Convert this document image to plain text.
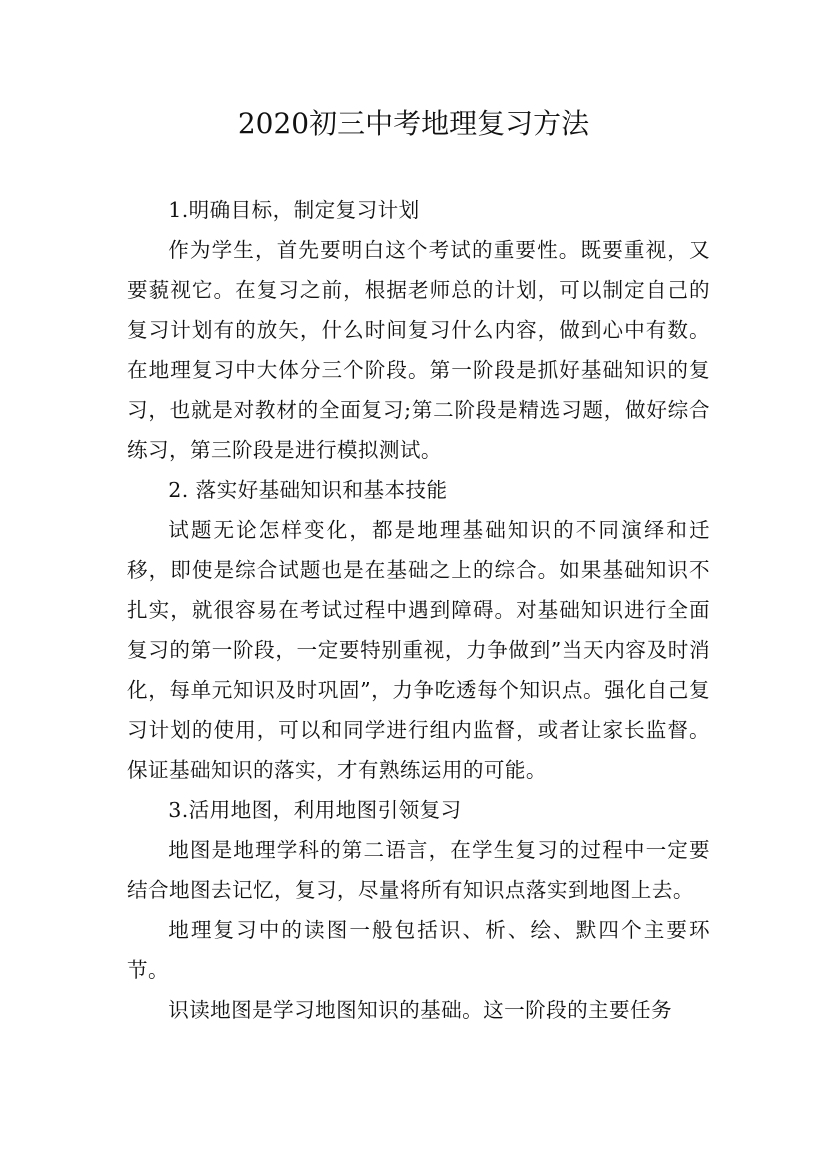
2020初三中考地理复习方法

1.明确目标，制定复习计划

作为学生，首先要明白这个考试的重要性。既要重视，又要藐视它。在复习之前，根据老师总的计划，可以制定自己的复习计划有的放矢，什么时间复习什么内容，做到心中有数。在地理复习中大体分三个阶段。第一阶段是抓好基础知识的复习，也就是对教材的全面复习;第二阶段是精选习题，做好综合练习，第三阶段是进行模拟测试。

2. 落实好基础知识和基本技能

试题无论怎样变化，都是地理基础知识的不同演绎和迁移，即使是综合试题也是在基础之上的综合。如果基础知识不扎实，就很容易在考试过程中遇到障碍。对基础知识进行全面复习的第一阶段，一定要特别重视，力争做到”当天内容及时消化，每单元知识及时巩固”，力争吃透每个知识点。强化自己复习计划的使用，可以和同学进行组内监督，或者让家长监督。保证基础知识的落实，才有熟练运用的可能。

3.活用地图，利用地图引领复习

地图是地理学科的第二语言，在学生复习的过程中一定要结合地图去记忆，复习，尽量将所有知识点落实到地图上去。

地理复习中的读图一般包括识、析、绘、默四个主要环节。

识读地图是学习地图知识的基础。这一阶段的主要任务
